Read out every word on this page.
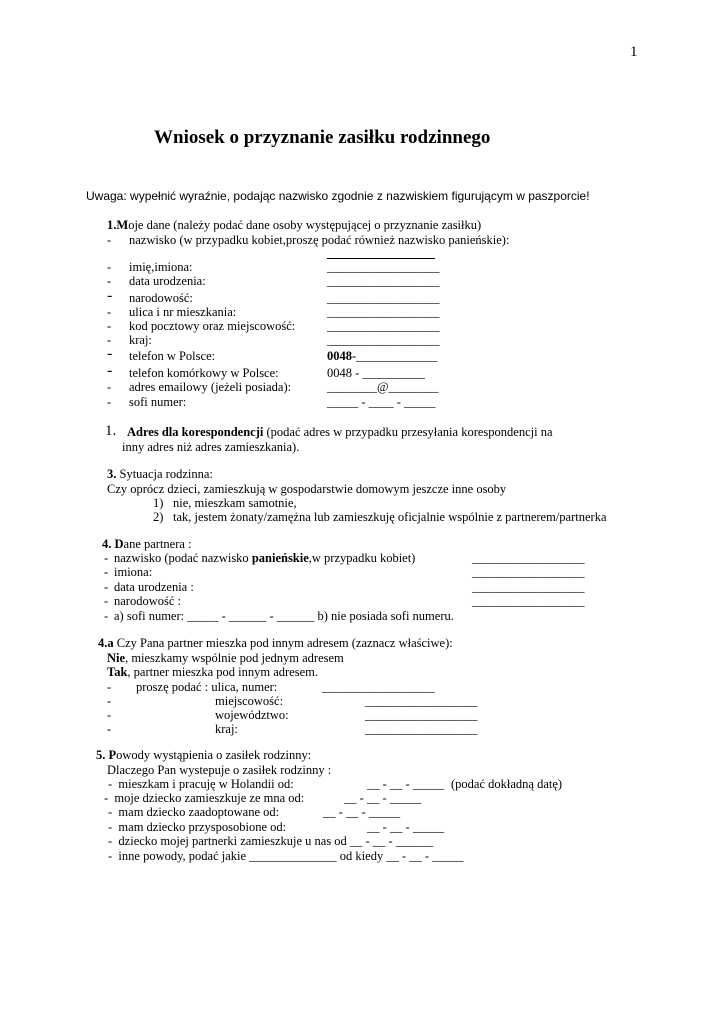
1
Wniosek o przyznanie zasiłku rodzinnego
Uwaga: wypełnić wyraźnie, podając nazwisko zgodnie z nazwiskiem figurującym w paszporcie!
1.Moje dane (należy podać dane osoby występującej o przyznanie zasiłku)
- nazwisko (w przypadku kobiet,proszę podać również nazwisko panieńskie):
- imię,imiona:	__________________
- data urodzenia:	__________________
- narodowość:	__________________
- ulica i nr mieszkania:	__________________
- kod pocztowy oraz miejscowość:	__________________
- kraj:	__________________
- telefon w Polsce:	0048-_____________
- telefon komórkowy w Polsce:	0048 - __________
- adres emailowy (jeżeli posiada):	________@________
- sofi numer:	_____ - ____ - _____
1. Adres dla korespondencji (podać adres w przypadku przesyłania korespondencji na
inny adres niż adres zamieszkania).
3. Sytuacja rodzinna:
Czy oprócz dzieci, zamieszkują w gospodarstwie domowym jeszcze inne osoby
1) nie, mieszkam samotnie,
2) tak, jestem żonaty/zamężna lub zamieszkuję oficjalnie wspólnie z partnerem/partnerka
4. Dane partnera :
- nazwisko (podać nazwisko panieńskie,w przypadku kobiet)	__________________
- imiona:	__________________
- data urodzenia :	__________________
- narodowość :	__________________
- a) sofi numer: _____ - ______ - ______ b) nie posiada sofi numeru.
4.a Czy Pana partner mieszka pod innym adresem (zaznacz właściwe):
Nie, mieszkamy wspólnie pod jednym adresem
Tak, partner mieszka pod innym adresem.
- proszę podać : ulica, numer:	__________________
-	miejscowość:	__________________
-	województwo:	__________________
-	kraj:	__________________
5. Powody wystąpienia o zasiłek rodzinny:
Dlaczego Pan wystepuje o zasiłek rodzinny :
- mieszkam i pracuję w Holandii od:	__ - __ - _____ (podać dokładną datę)
- moje dziecko zamieszkuje ze mna od:	__ - __ - _____
- mam dziecko zaadoptowane od:	__ - __ - _____
- mam dziecko przysposobione od:	__ - __ - _____
- dziecko mojej partnerki zamieszkuje u nas od __ - __ - ______
- inne powody, podać jakie ______________ od kiedy __ - __ - _____
